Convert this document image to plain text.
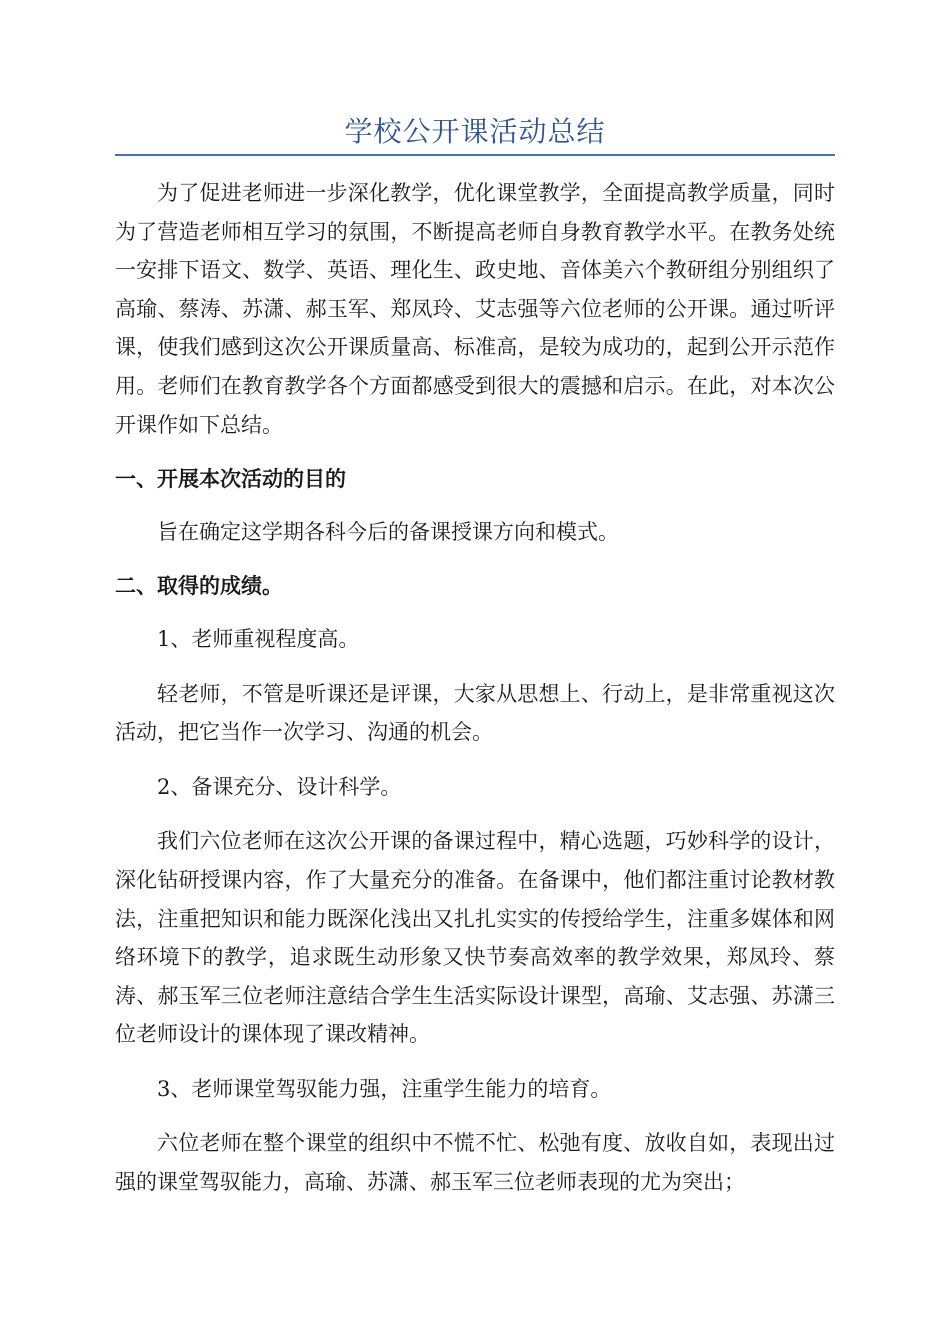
学校公开课活动总结

为了促进老师进一步深化教学，优化课堂教学，全面提高教学质量，同时为了营造老师相互学习的氛围，不断提高老师自身教育教学水平。在教务处统一安排下语文、数学、英语、理化生、政史地、音体美六个教研组分别组织了高瑜、蔡涛、苏潇、郝玉军、郑凤玲、艾志强等六位老师的公开课。通过听评课，使我们感到这次公开课质量高、标准高，是较为成功的，起到公开示范作用。老师们在教育教学各个方面都感受到很大的震撼和启示。在此，对本次公开课作如下总结。

一、开展本次活动的目的

旨在确定这学期各科今后的备课授课方向和模式。

二、取得的成绩。

1、老师重视程度高。

轻老师，不管是听课还是评课，大家从思想上、行动上，是非常重视这次活动，把它当作一次学习、沟通的机会。

2、备课充分、设计科学。

我们六位老师在这次公开课的备课过程中，精心选题，巧妙科学的设计，深化钻研授课内容，作了大量充分的准备。在备课中，他们都注重讨论教材教法，注重把知识和能力既深化浅出又扎扎实实的传授给学生，注重多媒体和网络环境下的教学，追求既生动形象又快节奏高效率的教学效果，郑凤玲、蔡涛、郝玉军三位老师注意结合学生生活实际设计课型，高瑜、艾志强、苏潇三位老师设计的课体现了课改精神。

3、老师课堂驾驭能力强，注重学生能力的培育。

六位老师在整个课堂的组织中不慌不忙、松弛有度、放收自如，表现出过强的课堂驾驭能力，高瑜、苏潇、郝玉军三位老师表现的尤为突出；
